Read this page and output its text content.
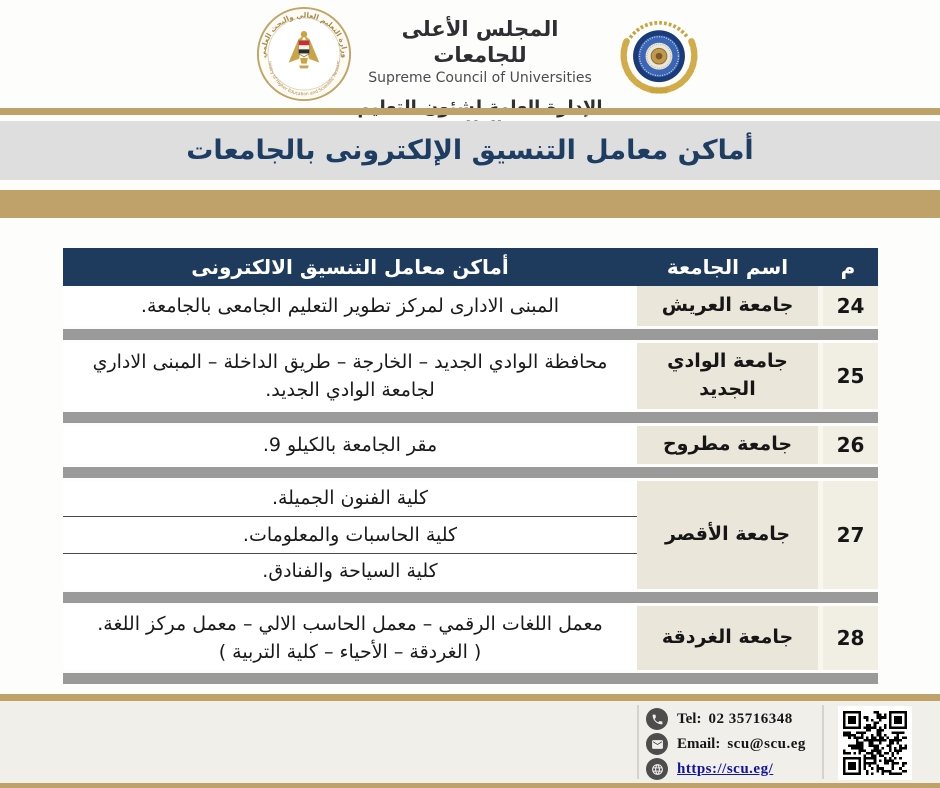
وزارة التعليم العالي والبحث العلمي
inistry of Higher Education and Scientific Researc
المجلس الأعلى للجامعات
Supreme Council of Universities
أماكن معامل التنسيق الإلكترونى بالجامعات
م
اسم الجامعة
أماكن معامل التنسيق الالكترونى
24
جامعة العريش
المبنى الادارى لمركز تطوير التعليم الجامعى بالجامعة.
25
جامعة الوادي الجديد
محافظة الوادي الجديد – الخارجة – طريق الداخلة – المبنى الاداري لجامعة الوادي الجديد.
26
جامعة مطروح
مقر الجامعة بالكيلو 9.
27
جامعة الأقصر
كلية الفنون الجميلة.
كلية الحاسبات والمعلومات.
كلية السياحة والفنادق.
28
جامعة الغردقة
معمل اللغات الرقمي – معمل الحاسب الالي – معمل مركز اللغة.
( الغردقة – الأحياء – كلية التربية )
Tel: 02 35716348
Email: scu@scu.eg
https://scu.eg/
